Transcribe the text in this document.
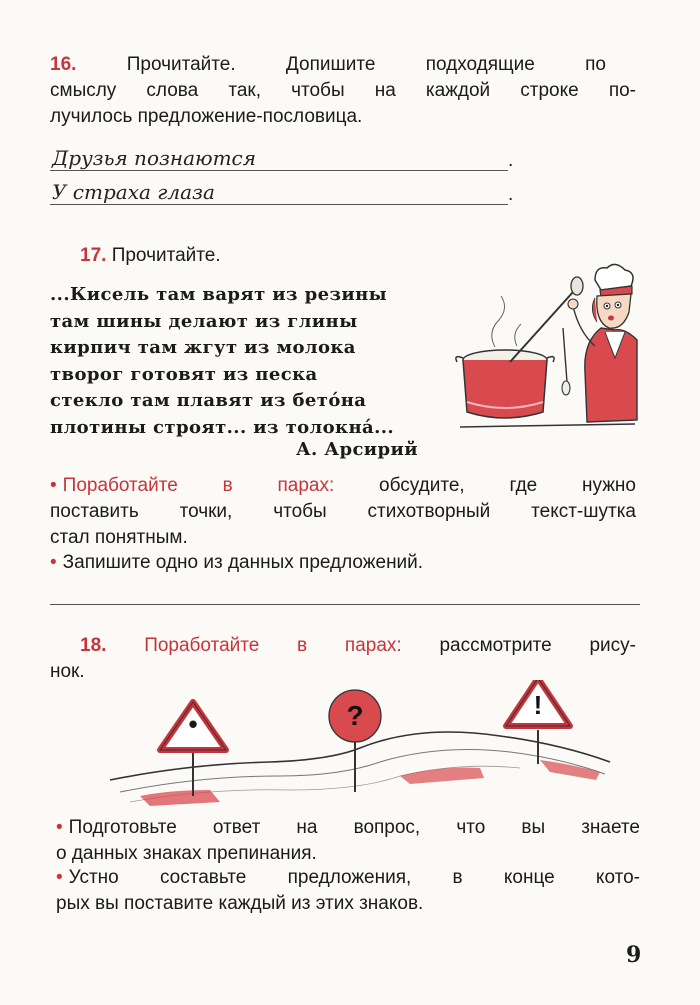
16.	Прочитайте. Допишите подходящие по
смыслу слова так, чтобы на каждой строке по-
лучилось предложение-пословица.
Друзья познаются	.
У страха глаза	.
17. Прочитайте.
...Кисель там варят из резины
там шины делают из глины
кирпич там жгут из молока
творог готовят из песка
стекло там плавят из бето́на
плотины строят... из толокна́...
А. Арсирий
• Поработайте в парах: обсудите, где нужно
поставить точки, чтобы стихотворный текст-шутка
стал понятным.
• Запишите одно из данных предложений.
18. Поработайте в парах: рассмотрите рису-
нок.
•	?	!
• Подготовьте ответ на вопрос, что вы знаете
о данных знаках препинания.
• Устно составьте предложения, в конце кото-
рых вы поставите каждый из этих знаков.
9
